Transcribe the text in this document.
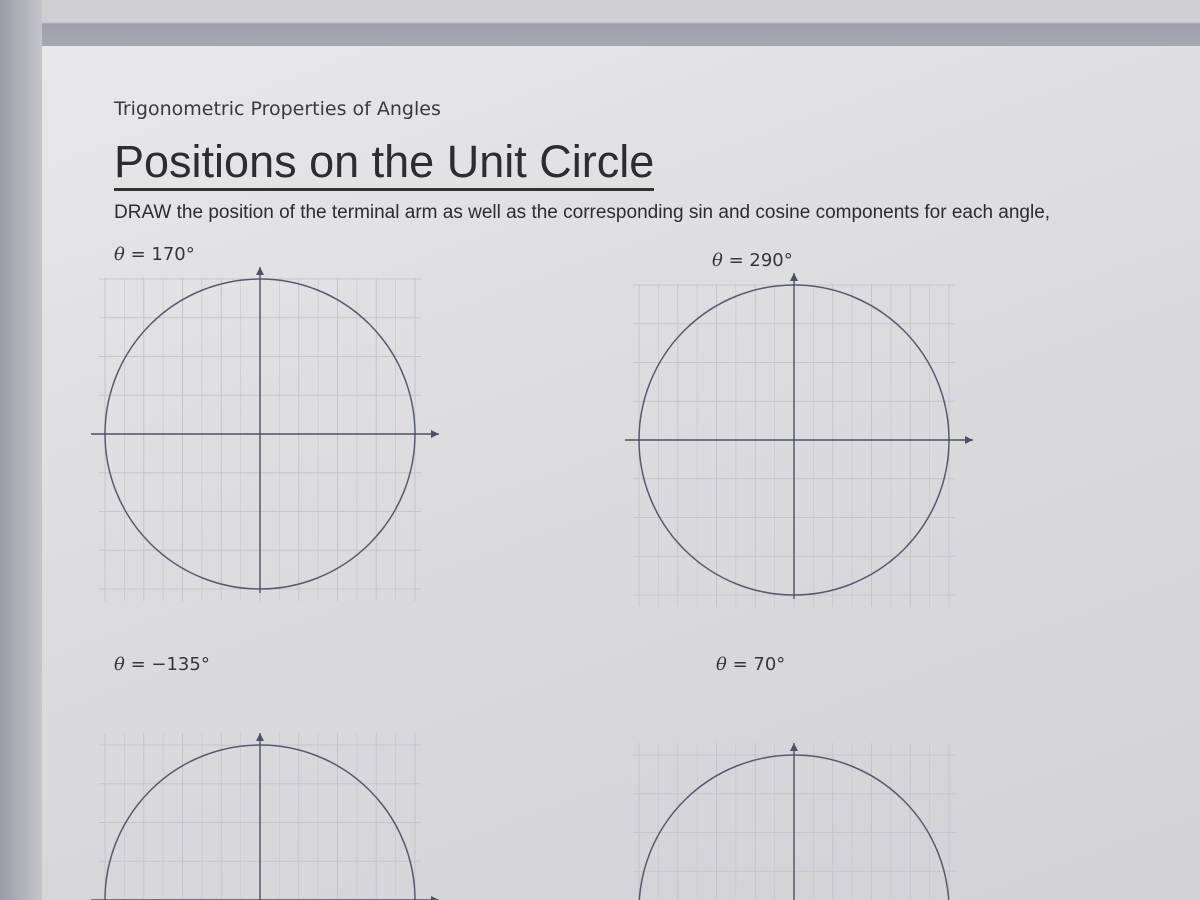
Trigonometric Properties of Angles

Positions on the Unit Circle

DRAW the position of the terminal arm as well as the corresponding sin and cosine components for each angle,

θ = 170°	θ = 290°

θ = −135°	θ = 70°
